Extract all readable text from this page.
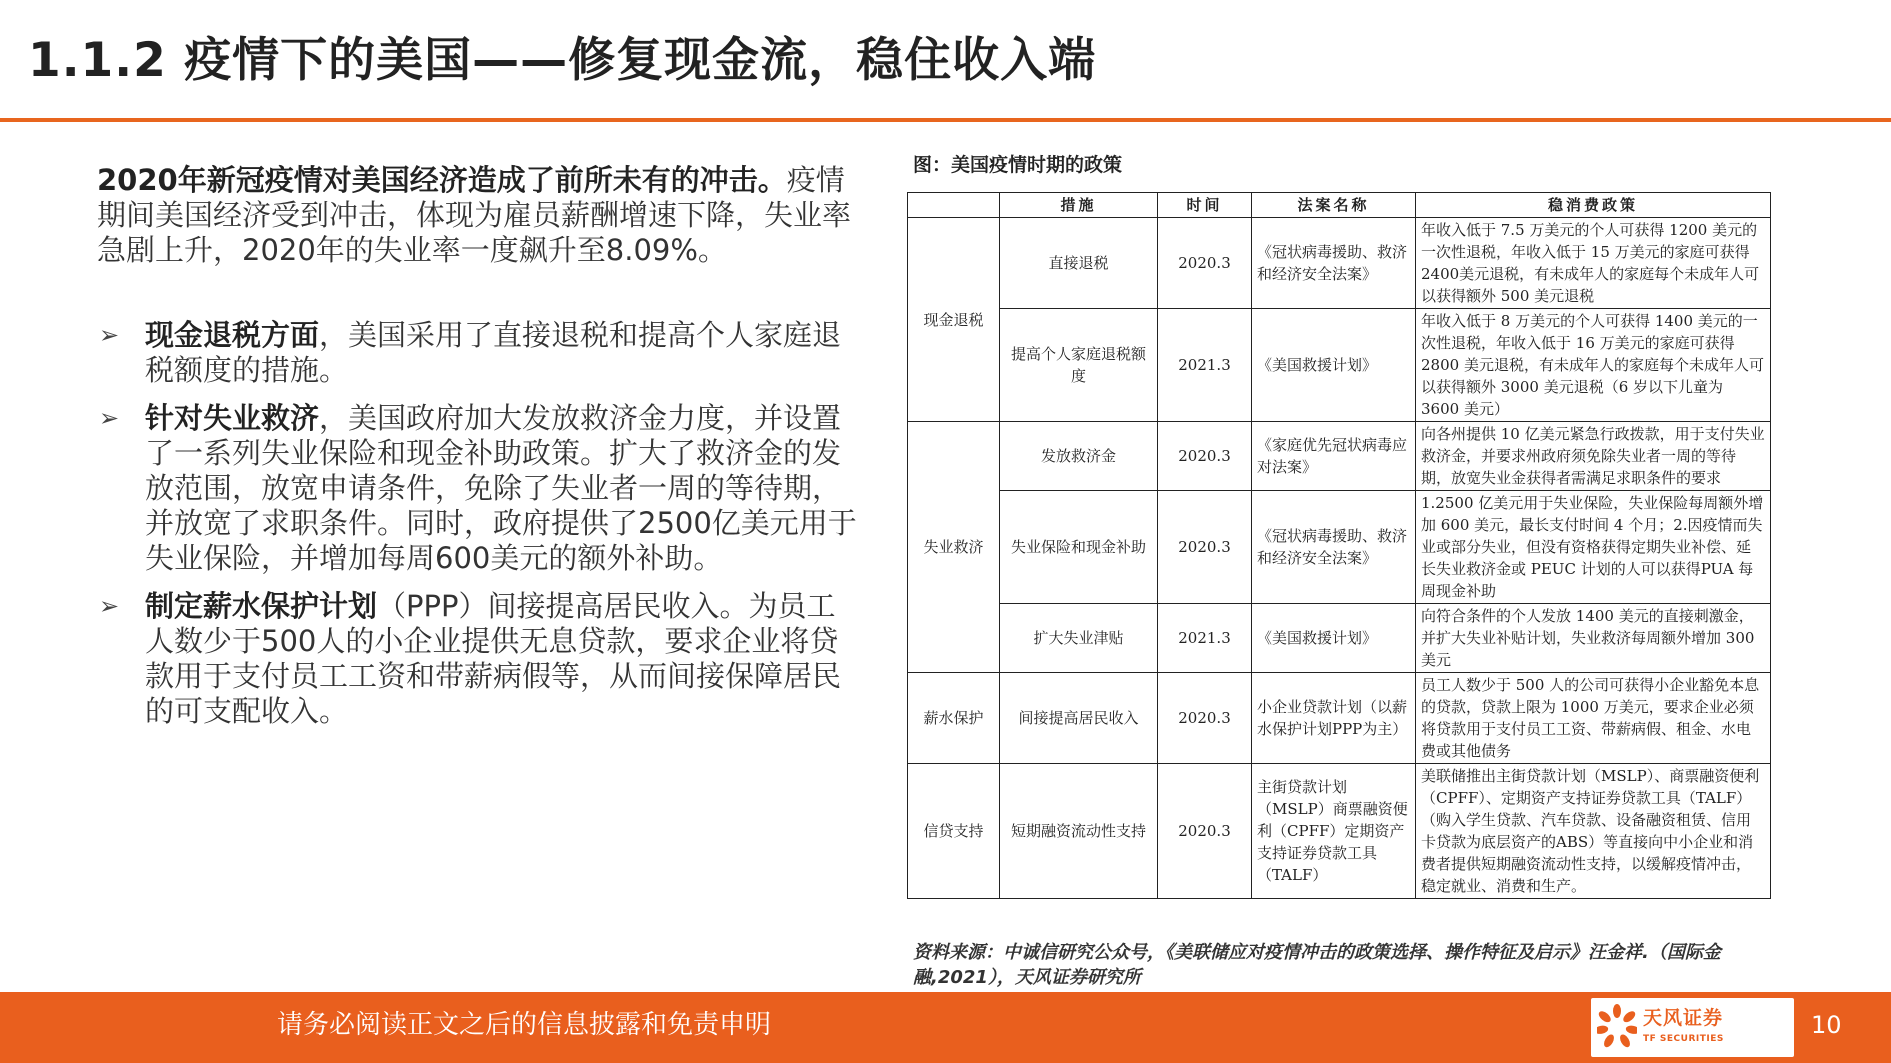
1.1.2 疫情下的美国——修复现金流，稳住收入端
2020年新冠疫情对美国经济造成了前所未有的冲击。疫情期间美国经济受到冲击，体现为雇员薪酬增速下降，失业率急剧上升，2020年的失业率一度飙升至8.09%。
➢ 现金退税方面，美国采用了直接退税和提高个人家庭退税额度的措施。
➢ 针对失业救济，美国政府加大发放救济金力度，并设置了一系列失业保险和现金补助政策。扩大了救济金的发放范围，放宽申请条件，免除了失业者一周的等待期，并放宽了求职条件。同时，政府提供了2500亿美元用于失业保险，并增加每周600美元的额外补助。
➢ 制定薪水保护计划（PPP）间接提高居民收入。为员工人数少于500人的小企业提供无息贷款，要求企业将贷款用于支付员工工资和带薪病假等，从而间接保障居民的可支配收入。
图：美国疫情时期的政策
	措施	时间	法案名称	稳消费政策
现金退税	直接退税	2020.3	《冠状病毒援助、救济和经济安全法案》	年收入低于 7.5 万美元的个人可获得 1200 美元的一次性退税，年收入低于 15 万美元的家庭可获得 2400美元退税，有未成年人的家庭每个未成年人可以获得额外 500 美元退税
	提高个人家庭退税额度	2021.3	《美国救援计划》	年收入低于 8 万美元的个人可获得 1400 美元的一次性退税，年收入低于 16 万美元的家庭可获得 2800 美元退税，有未成年人的家庭每个未成年人可以获得额外 3000 美元退税（6 岁以下儿童为 3600 美元）
失业救济	发放救济金	2020.3	《家庭优先冠状病毒应对法案》	向各州提供 10 亿美元紧急行政拨款，用于支付失业救济金，并要求州政府须免除失业者一周的等待期，放宽失业金获得者需满足求职条件的要求
	失业保险和现金补助	2020.3	《冠状病毒援助、救济和经济安全法案》	1.2500 亿美元用于失业保险，失业保险每周额外增加 600 美元，最长支付时间 4 个月；2.因疫情而失业或部分失业，但没有资格获得定期失业补偿、延长失业救济金或 PEUC 计划的人可以获得PUA 每周现金补助
	扩大失业津贴	2021.3	《美国救援计划》	向符合条件的个人发放 1400 美元的直接刺激金，并扩大失业补贴计划，失业救济每周额外增加 300 美元
薪水保护	间接提高居民收入	2020.3	小企业贷款计划（以薪水保护计划PPP为主）	员工人数少于 500 人的公司可获得小企业豁免本息的贷款，贷款上限为 1000 万美元，要求企业必须将贷款用于支付员工工资、带薪病假、租金、水电费或其他债务
信贷支持	短期融资流动性支持	2020.3	主街贷款计划（MSLP）商票融资便利（CPFF）定期资产支持证券贷款工具（TALF）	美联储推出主街贷款计划（MSLP）、商票融资便利（CPFF）、定期资产支持证券贷款工具（TALF）（购入学生贷款、汽车贷款、设备融资租赁、信用卡贷款为底层资产的ABS）等直接向中小企业和消费者提供短期融资流动性支持，以缓解疫情冲击，稳定就业、消费和生产。
资料来源：中诚信研究公众号，《美联储应对疫情冲击的政策选择、操作特征及启示》汪金祥.（国际金融,2021），天风证券研究所
请务必阅读正文之后的信息披露和免责申明	天风证券
TF SECURITIES	10
